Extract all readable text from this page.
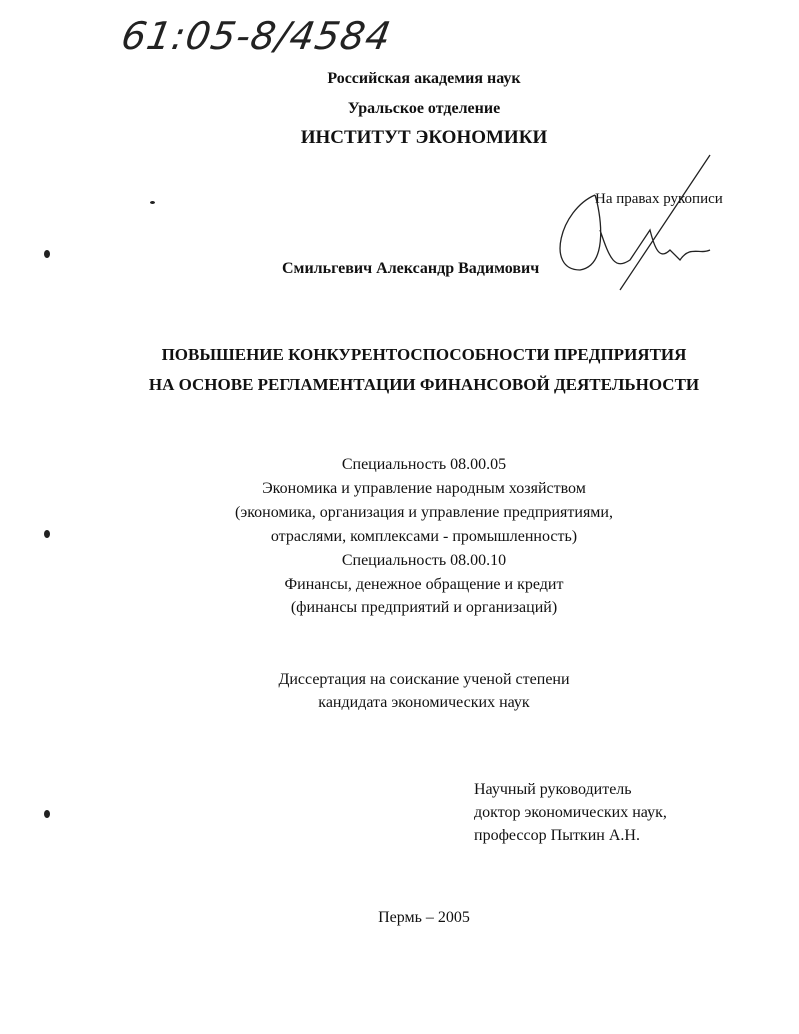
61:05-8/4584
Российская академия наук
Уральское отделение
ИНСТИТУТ ЭКОНОМИКИ
На правах рукописи
Смильгевич Александр Вадимович
ПОВЫШЕНИЕ КОНКУРЕНТОСПОСОБНОСТИ ПРЕДПРИЯТИЯ
НА ОСНОВЕ РЕГЛАМЕНТАЦИИ ФИНАНСОВОЙ ДЕЯТЕЛЬНОСТИ
Специальность 08.00.05
Экономика и управление народным хозяйством
(экономика, организация и управление предприятиями,
отраслями, комплексами - промышленность)
Специальность 08.00.10
Финансы, денежное обращение и кредит
(финансы предприятий и организаций)
Диссертация на соискание ученой степени
кандидата экономических наук
Научный руководитель
доктор экономических наук,
профессор Пыткин А.Н.
Пермь – 2005
